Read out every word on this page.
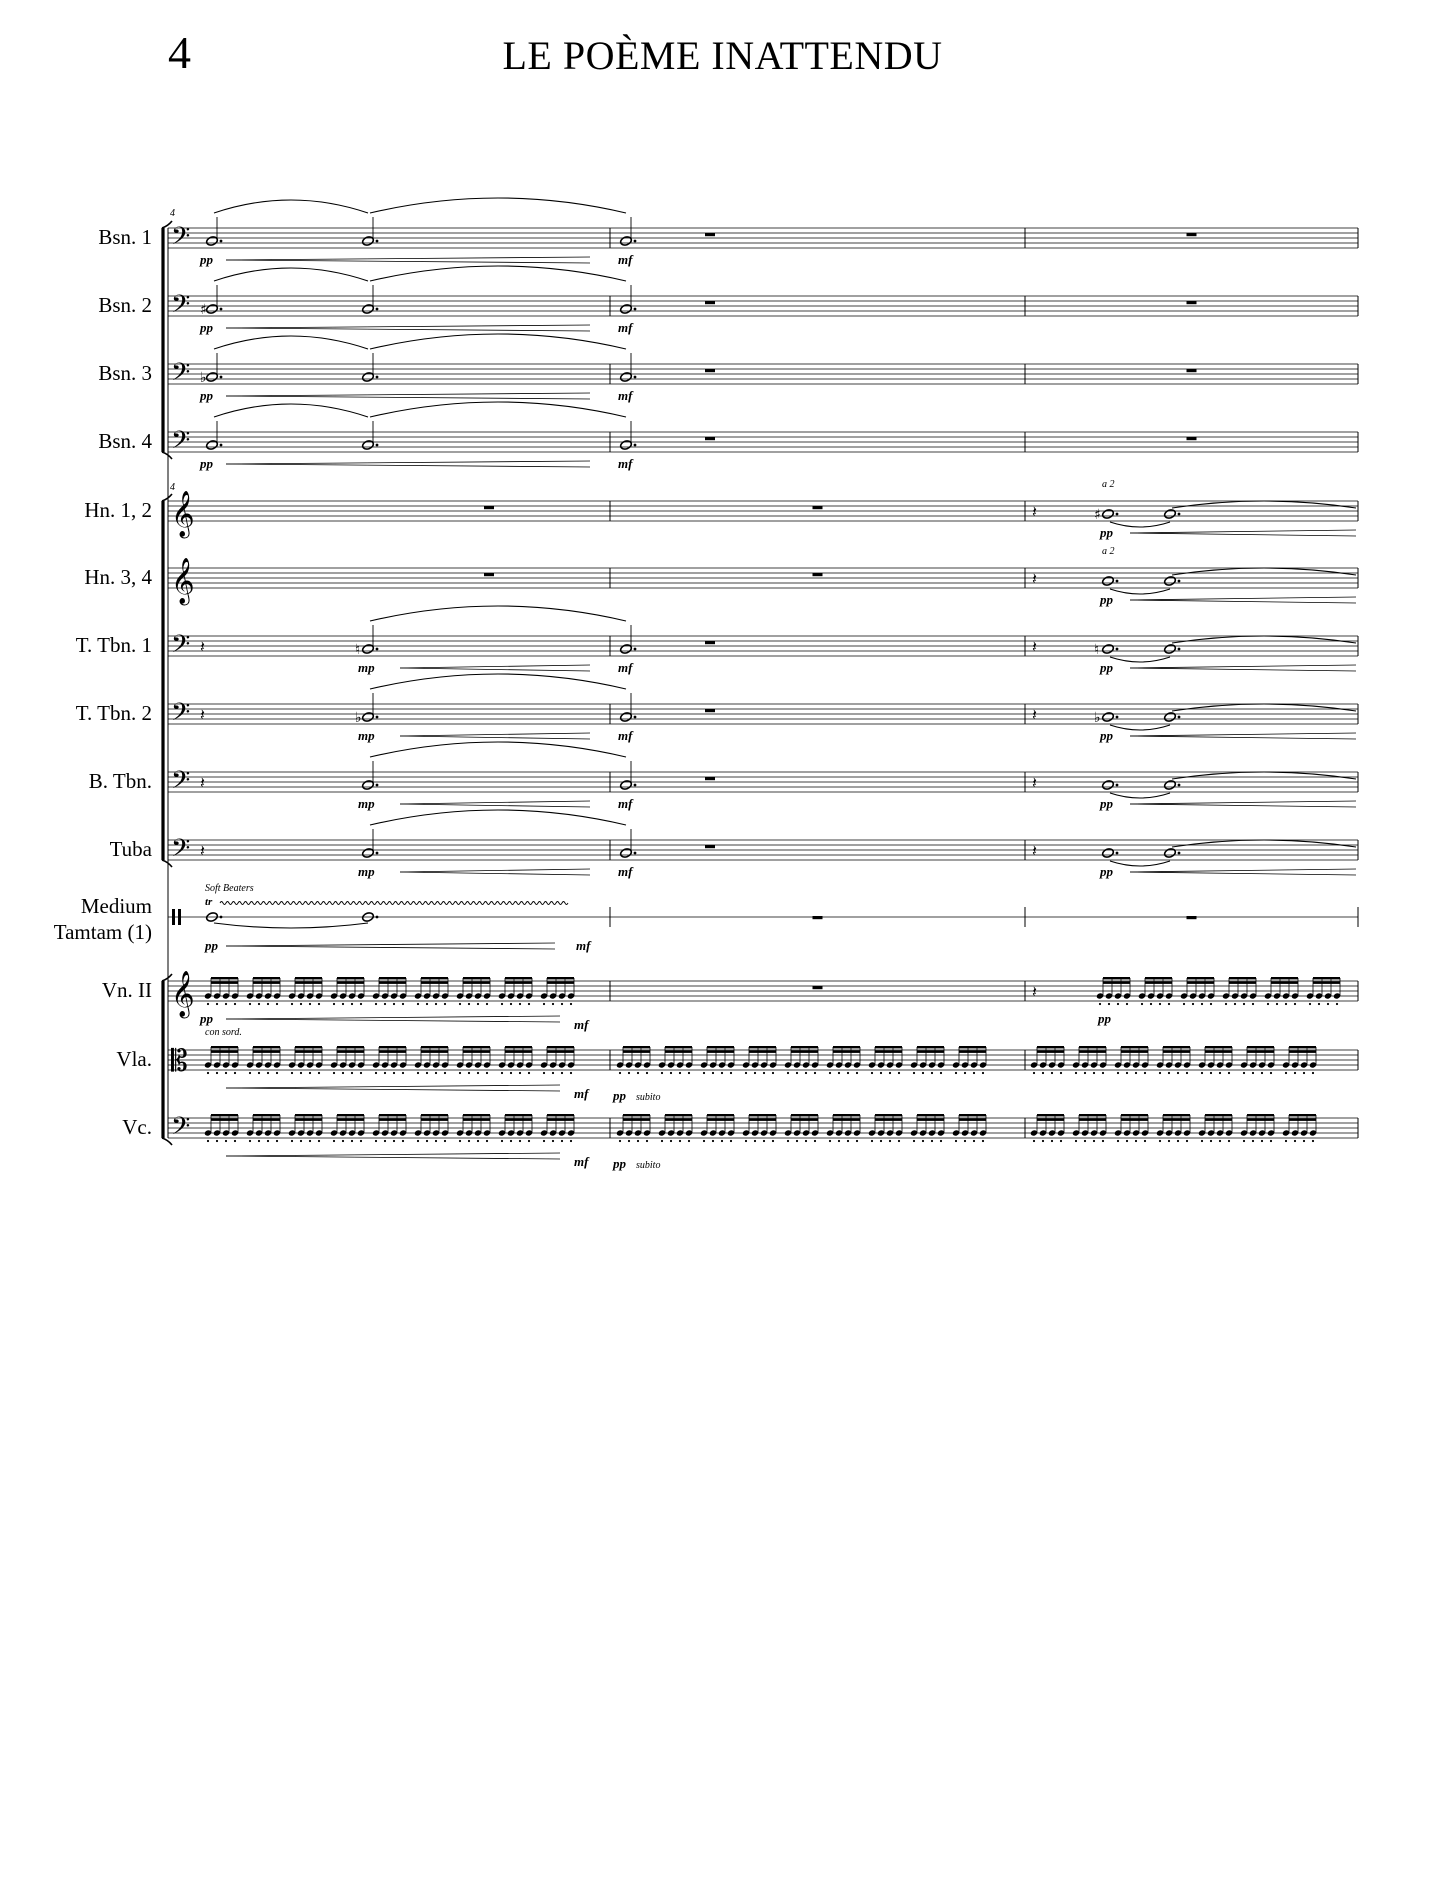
4	LE POÈME INATTENDU
4
4
𝄢
Bsn. 1
pp	mf
𝄢
Bsn. 2	♯
pp	mf
𝄢
Bsn. 3	♭
pp	mf
𝄢
Bsn. 4
pp	mf
𝄞
Hn. 1, 2	𝄽	♯
pp
a 2
𝄞
Hn. 3, 4	𝄽
pp
a 2
𝄢
T. Tbn. 1	𝄽	♮
mp	mf
𝄽	♮
pp
𝄢
T. Tbn. 2	𝄽	♭
mp	mf
𝄽	♭
pp
𝄢
B. Tbn.	𝄽
mp	mf
𝄽
pp
𝄢
Tuba	𝄽
mp	mf
𝄽
pp
Medium
Tamtam (1)
Soft Beaters
tr
pp	mf
𝄞
Vn. II	𝄽
pp	mf
con sord.
pp
𝄡
Vla.
mf pp subito
𝄢
Vc.
mf pp subito
